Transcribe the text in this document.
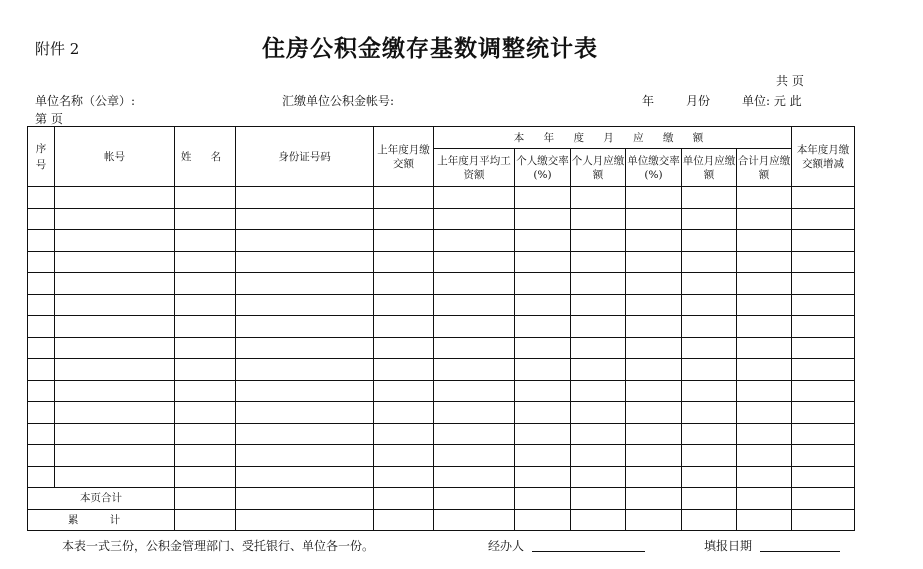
附件 2	住房公积金缴存基数调整统计表
共 页
单位名称（公章）:	汇缴单位公积金帐号:	年	月份	单位: 元 此
第 页
序号	帐号	姓 名	身份证号码	上年度月缴交额	本 年 度 月 应 缴 额						本年度月缴交额增减
					上年度月平均工资额	个人缴交率 (%)	个人月应缴额	单位缴交率 (%)	单位月应缴额	合计月应缴额	

本页合计											
累 计											
本表一式三份，公积金管理部门、受托银行、单位各一份。	经办人	填报日期
